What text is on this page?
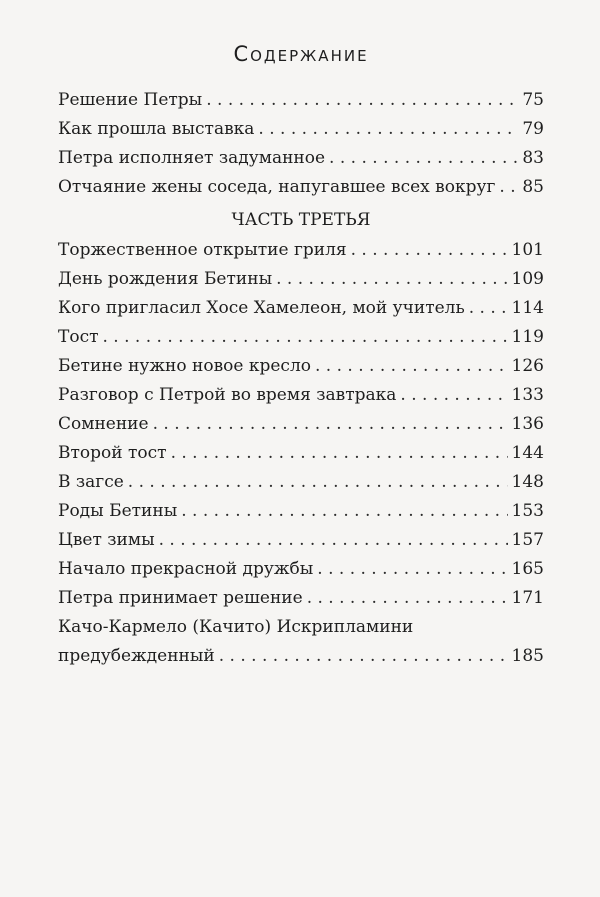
Содержание
Решение Петры . . .	75
Как прошла выставка . . .	79
Петра исполняет задуманное . . .	83
Отчаяние жены соседа, напугавшее всех вокруг . . . 85
ЧАСТЬ ТРЕТЬЯ
Торжественное открытие гриля . . .	101
День рождения Бетины . . .	109
Кого пригласил Хосе Хамелеон, мой учитель . . .	114
Тост . . .	119
Бетине нужно новое кресло . . .	126
Разговор с Петрой во время завтрака . . .	133
Сомнение . . .	136
Второй тост . . .	144
В загсе . . .	148
Роды Бетины . . .	153
Цвет зимы . . .	157
Начало прекрасной дружбы . . .	165
Петра принимает решение . . .	171
Качо-Кармело (Качито) Искрипламини
предубежденный . . .	185
